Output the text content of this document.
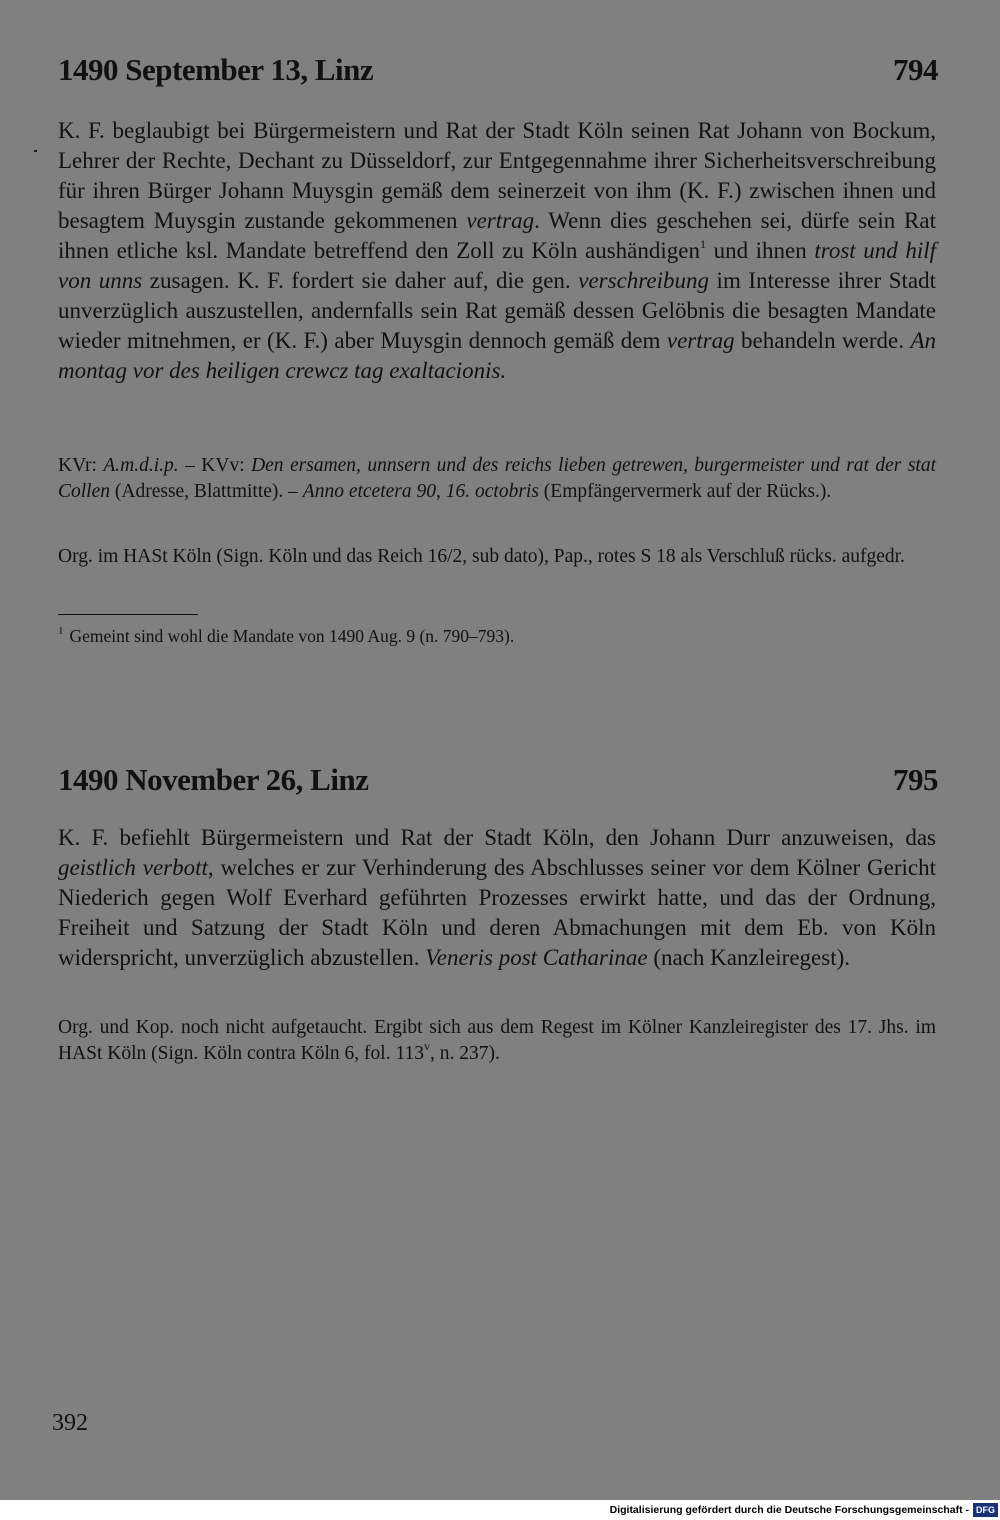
1490 September 13, Linz	794

K. F. beglaubigt bei Bürgermeistern und Rat der Stadt Köln seinen Rat Johann von Bockum, Lehrer der Rechte, Dechant zu Düsseldorf, zur Entgegennahme ihrer Sicherheitsverschreibung für ihren Bürger Johann Muysgin gemäß dem seinerzeit von ihm (K. F.) zwischen ihnen und besagtem Muysgin zustande gekommenen vertrag. Wenn dies geschehen sei, dürfe sein Rat ihnen etliche ksl. Mandate betreffend den Zoll zu Köln aushändigen$^1$ und ihnen trost und hilf von unns zusagen. K. F. fordert sie daher auf, die gen. verschreibung im Interesse ihrer Stadt unverzüglich auszustellen, andernfalls sein Rat gemäß dessen Gelöbnis die besagten Mandate wieder mitnehmen, er (K. F.) aber Muysgin dennoch gemäß dem vertrag behandeln werde. An montag vor des heiligen crewcz tag exaltacionis.

KVr: A.m.d.i.p. – KVv: Den ersamen, unnsern und des reichs lieben getrewen, burgermeister und rat der stat Collen (Adresse, Blattmitte). – Anno etcetera 90, 16. octobris (Empfängervermerk auf der Rücks.).

Org. im HASt Köln (Sign. Köln und das Reich 16/2, sub dato), Pap., rotes S 18 als Verschluß rücks. aufgedr.

$^1$ Gemeint sind wohl die Mandate von 1490 Aug. 9 (n. 790–793).

1490 November 26, Linz	795

K. F. befiehlt Bürgermeistern und Rat der Stadt Köln, den Johann Durr anzuweisen, das geistlich verbott, welches er zur Verhinderung des Abschlusses seiner vor dem Kölner Gericht Niederich gegen Wolf Everhard geführten Prozesses erwirkt hatte, und das der Ordnung, Freiheit und Satzung der Stadt Köln und deren Abmachungen mit dem Eb. von Köln widerspricht, unverzüglich abzustellen. Veneris post Catharinae (nach Kanzleiregest).

Org. und Kop. noch nicht aufgetaucht. Ergibt sich aus dem Regest im Kölner Kanzleiregister des 17. Jhs. im HASt Köln (Sign. Köln contra Köln 6, fol. 113$^v$, n. 237).

392
Digitalisierung gefördert durch die Deutsche Forschungsgemeinschaft - DFG
